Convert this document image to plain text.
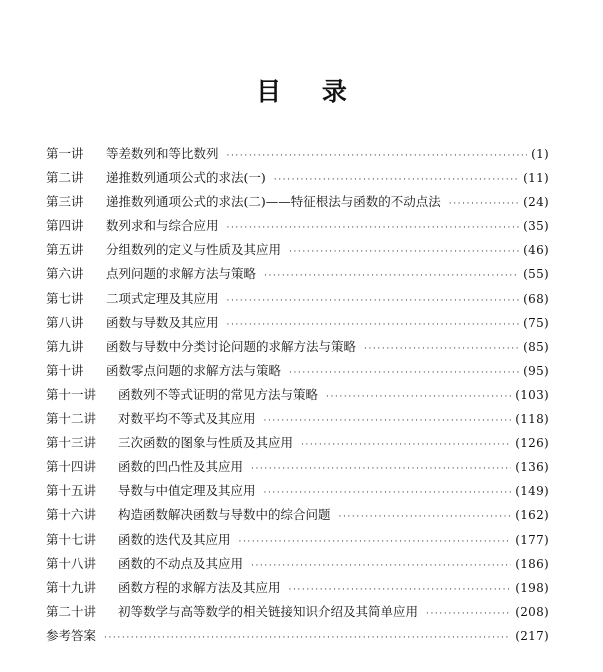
目 录
第一讲	等差数列和等比数列 ·····	(1)
第二讲	递推数列通项公式的求法(一) ·····	(11)
第三讲	递推数列通项公式的求法(二)——特征根法与函数的不动点法 ·····	(24)
第四讲	数列求和与综合应用 ·····	(35)
第五讲	分组数列的定义与性质及其应用 ·····	(46)
第六讲	点列问题的求解方法与策略 ·····	(55)
第七讲	二项式定理及其应用 ·····	(68)
第八讲	函数与导数及其应用 ·····	(75)
第九讲	函数与导数中分类讨论问题的求解方法与策略 ·····	(85)
第十讲	函数零点问题的求解方法与策略 ·····	(95)
第十一讲	函数列不等式证明的常见方法与策略 ·····	(103)
第十二讲	对数平均不等式及其应用 ·····	(118)
第十三讲	三次函数的图象与性质及其应用 ·····	(126)
第十四讲	函数的凹凸性及其应用 ·····	(136)
第十五讲	导数与中值定理及其应用 ·····	(149)
第十六讲	构造函数解决函数与导数中的综合问题 ·····	(162)
第十七讲	函数的迭代及其应用 ·····	(177)
第十八讲	函数的不动点及其应用 ·····	(186)
第十九讲	函数方程的求解方法及其应用 ·····	(198)
第二十讲	初等数学与高等数学的相关链接知识介绍及其简单应用 ·····	(208)
参考答案 ·····	(217)
